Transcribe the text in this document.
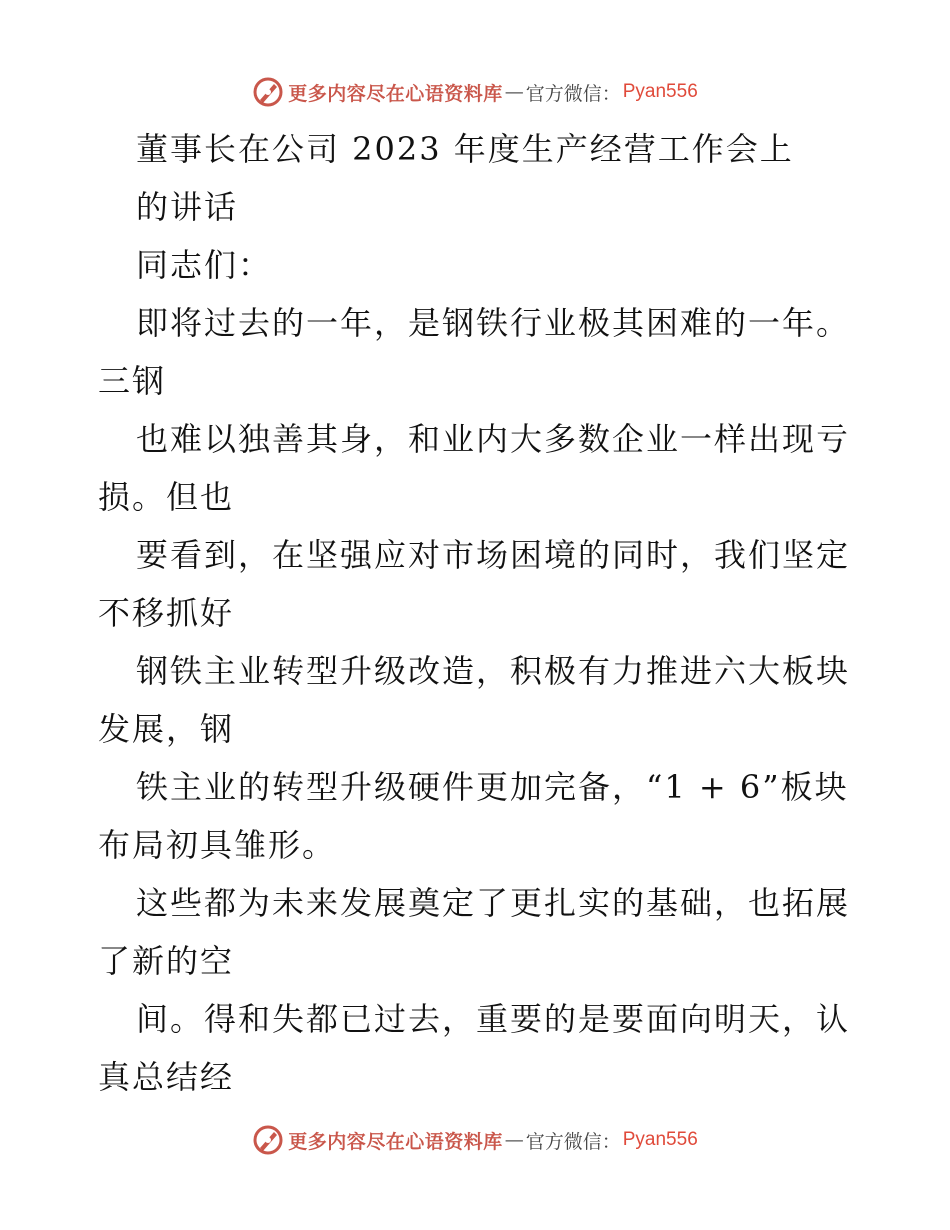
更多内容尽在心语资料库 — 官方微信： Pyan556
董事长在公司 2023 年度生产经营工作会上
的讲话
同志们：
即将过去的一年，是钢铁行业极其困难的一年。
三钢
也难以独善其身，和业内大多数企业一样出现亏
损。但也
要看到，在坚强应对市场困境的同时，我们坚定
不移抓好
钢铁主业转型升级改造，积极有力推进六大板块
发展，钢
铁主业的转型升级硬件更加完备，“1 + 6”板块
布局初具雏形。
这些都为未来发展奠定了更扎实的基础，也拓展
了新的空
间。得和失都已过去，重要的是要面向明天，认
真总结经
更多内容尽在心语资料库 — 官方微信： Pyan556
